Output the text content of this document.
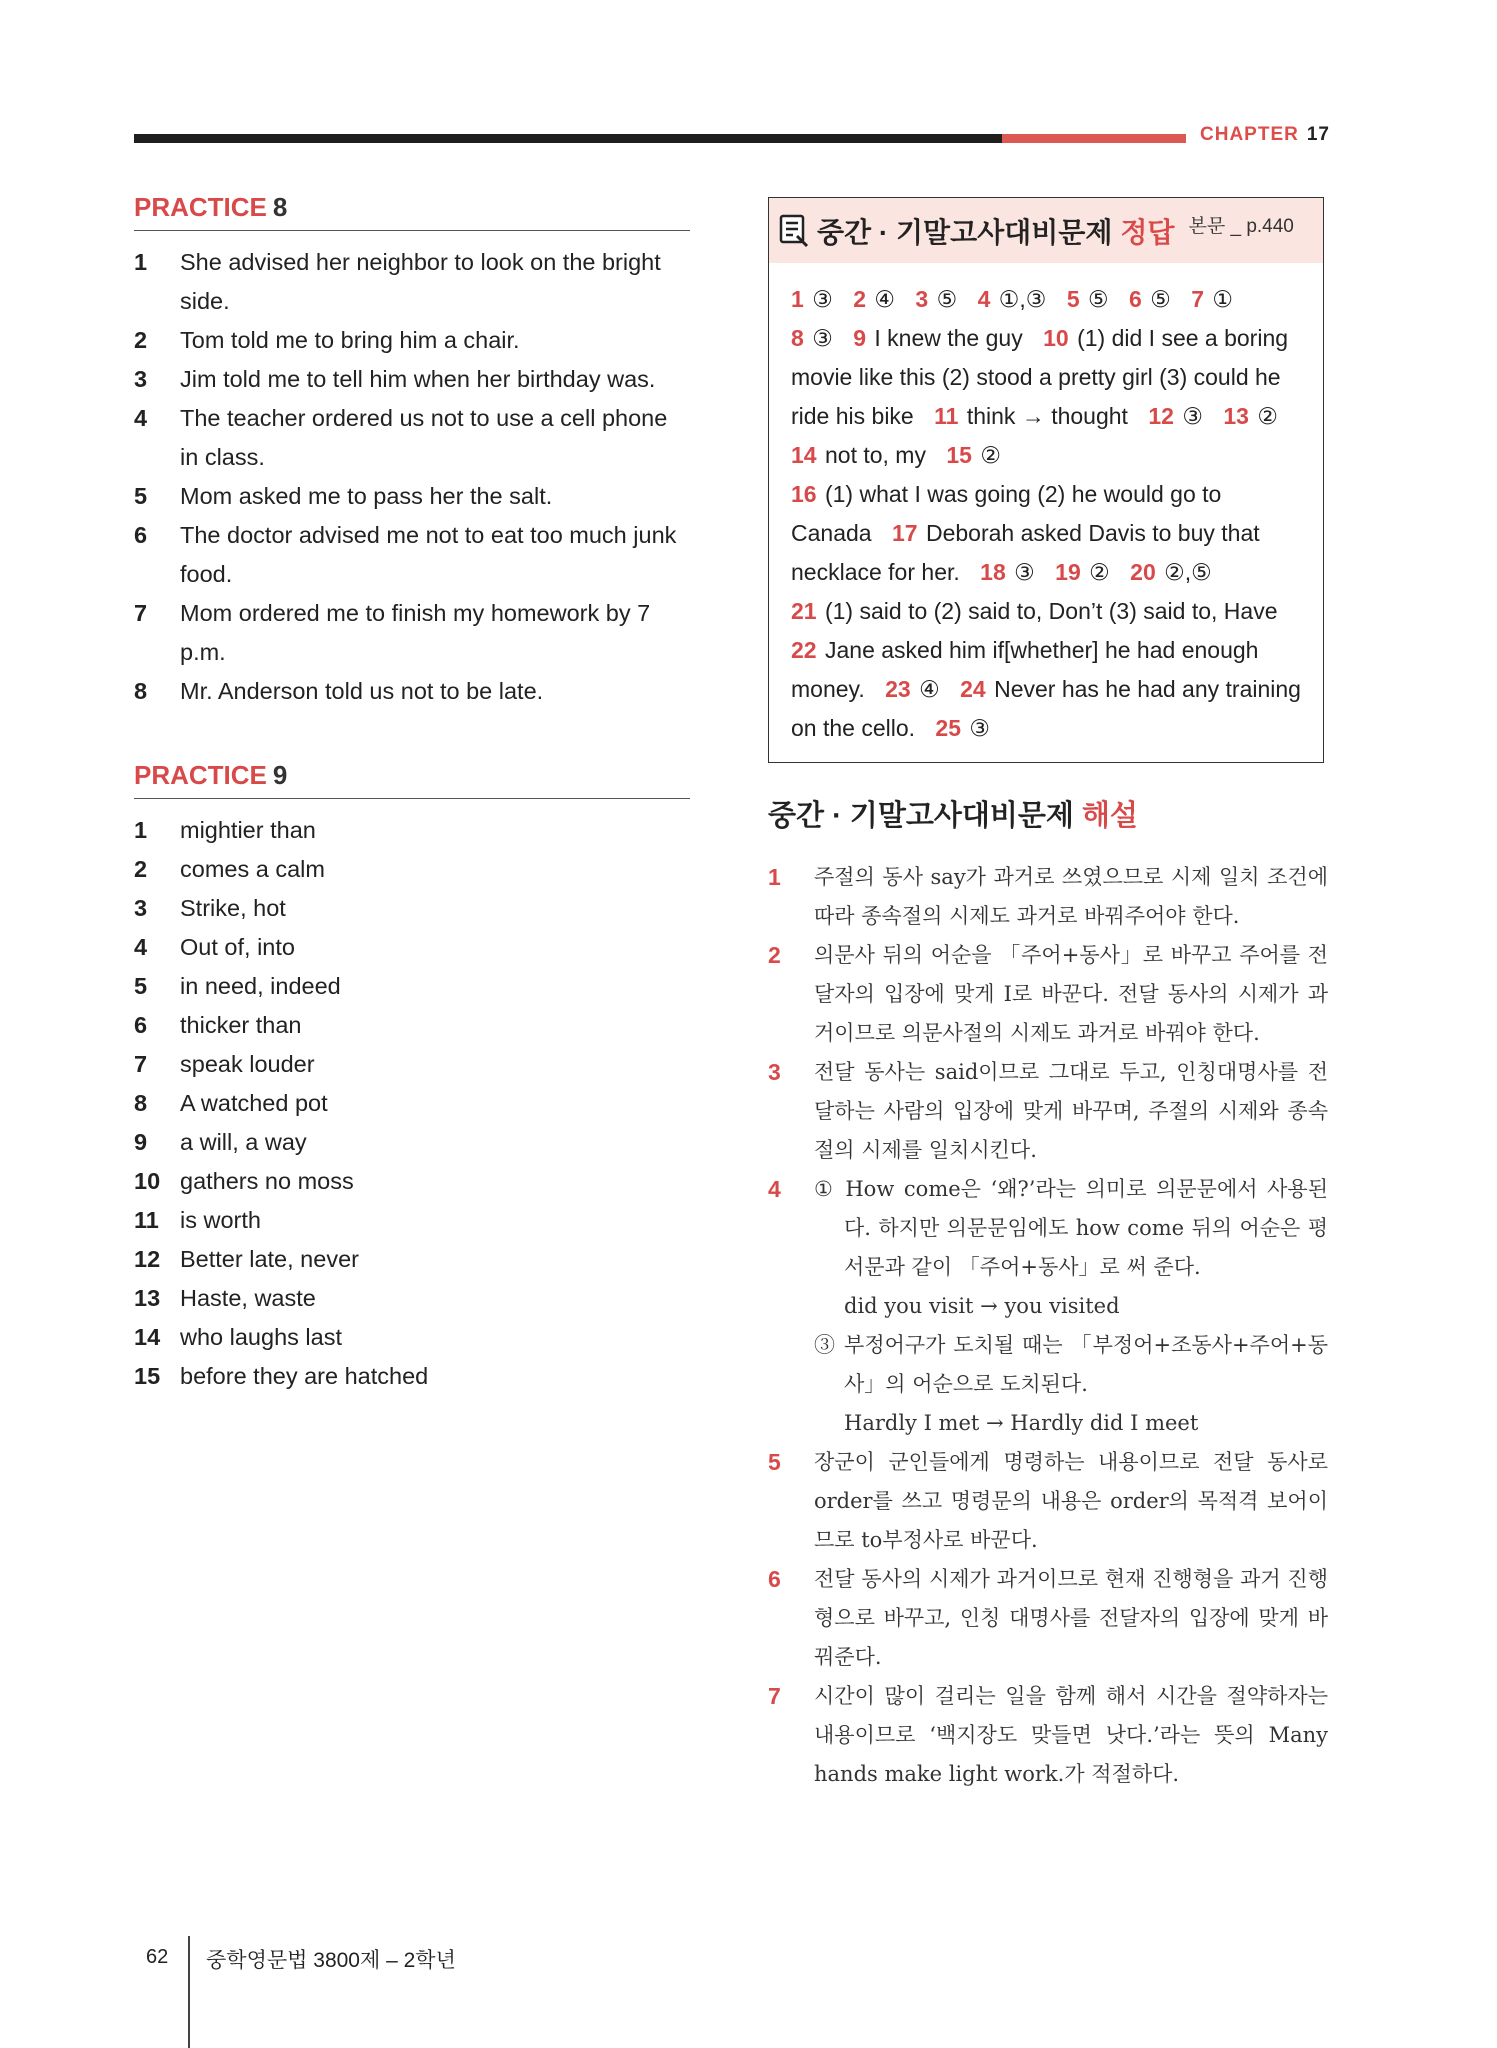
CHAPTER 17
PRACTICE 8
1	She advised her neighbor to look on the bright side.
2	Tom told me to bring him a chair.
3	Jim told me to tell him when her birthday was.
4	The teacher ordered us not to use a cell phone in class.
5	Mom asked me to pass her the salt.
6	The doctor advised me not to eat too much junk food.
7	Mom ordered me to finish my homework by 7 p.m.
8	Mr. Anderson told us not to be late.
PRACTICE 9
1	mightier than
2	comes a calm
3	Strike, hot
4	Out of, into
5	in need, indeed
6	thicker than
7	speak louder
8	A watched pot
9	a will, a way
10 gathers no moss
11 is worth
12 Better late, never
13 Haste, waste
14 who laughs last
15 before they are hatched
중간 · 기말고사대비문제 정답 본문 _ p.440
1 ③ 2 ④ 3 ⑤ 4 ①,③ 5 ⑤ 6 ⑤ 7 ①
8 ③ 9 I knew the guy 10 (1) did I see a boring movie like this (2) stood a pretty girl (3) could he ride his bike 11 think → thought 12 ③ 13 ② 14 not to, my 15 ②
16 (1) what I was going (2) he would go to Canada 17 Deborah asked Davis to buy that necklace for her. 18 ③ 19 ② 20 ②,⑤
21 (1) said to (2) said to, Don’t (3) said to, Have
22 Jane asked him if[whether] he had enough money. 23 ④ 24 Never has he had any training on the cello. 25 ③
중간 · 기말고사대비문제 해설
1	주절의 동사 say가 과거로 쓰였으므로 시제 일치 조건에 따라 종속절의 시제도 과거로 바꿔주어야 한다.
2	의문사 뒤의 어순을 「주어+동사」로 바꾸고 주어를 전달자의 입장에 맞게 I로 바꾼다. 전달 동사의 시제가 과거이므로 의문사절의 시제도 과거로 바꿔야 한다.
3	전달 동사는 said이므로 그대로 두고, 인칭대명사를 전달하는 사람의 입장에 맞게 바꾸며, 주절의 시제와 종속절의 시제를 일치시킨다.
4	① How come은 ‘왜?’라는 의미로 의문문에서 사용된다. 하지만 의문문임에도 how come 뒤의 어순은 평서문과 같이 「주어+동사」로 써 준다.
did you visit → you visited
③ 부정어구가 도치될 때는 「부정어+조동사+주어+동사」의 어순으로 도치된다.
Hardly I met → Hardly did I meet
5	장군이 군인들에게 명령하는 내용이므로 전달 동사로 order를 쓰고 명령문의 내용은 order의 목적격 보어이므로 to부정사로 바꾼다.
6	전달 동사의 시제가 과거이므로 현재 진행형을 과거 진행형으로 바꾸고, 인칭 대명사를 전달자의 입장에 맞게 바꿔준다.
7	시간이 많이 걸리는 일을 함께 해서 시간을 절약하자는 내용이므로 ‘백지장도 맞들면 낫다.’라는 뜻의 Many hands make light work.가 적절하다.
62 중학영문법 3800제 – 2학년
